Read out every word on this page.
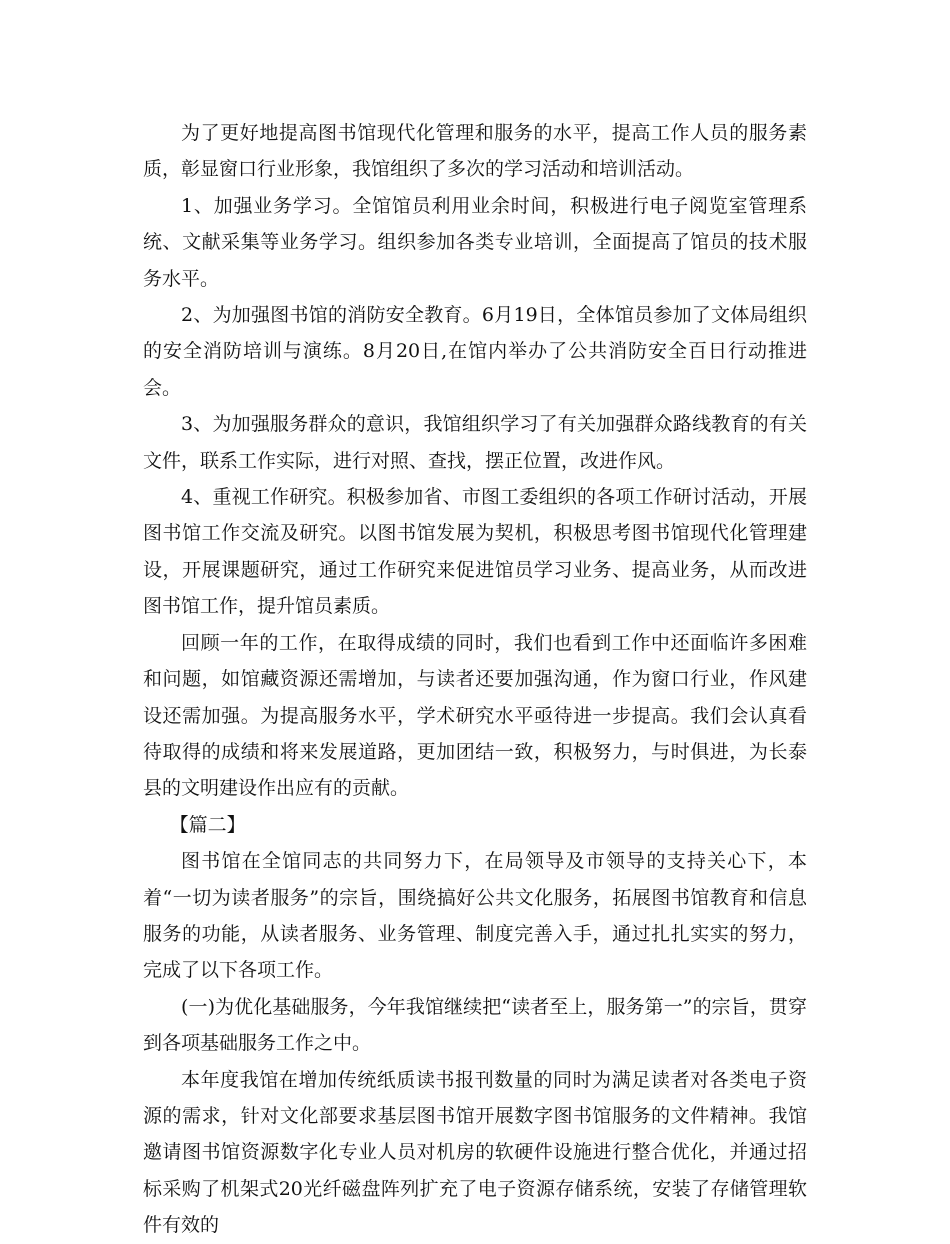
为了更好地提高图书馆现代化管理和服务的水平，提高工作人员的服务素质，彰显窗口行业形象，我馆组织了多次的学习活动和培训活动。

1、加强业务学习。全馆馆员利用业余时间，积极进行电子阅览室管理系统、文献采集等业务学习。组织参加各类专业培训，全面提高了馆员的技术服务水平。

2、为加强图书馆的消防安全教育。6月19日，全体馆员参加了文体局组织的安全消防培训与演练。8月20日,在馆内举办了公共消防安全百日行动推进会。

3、为加强服务群众的意识，我馆组织学习了有关加强群众路线教育的有关文件，联系工作实际，进行对照、查找，摆正位置，改进作风。

4、重视工作研究。积极参加省、市图工委组织的各项工作研讨活动，开展图书馆工作交流及研究。以图书馆发展为契机，积极思考图书馆现代化管理建设，开展课题研究，通过工作研究来促进馆员学习业务、提高业务，从而改进图书馆工作，提升馆员素质。

回顾一年的工作，在取得成绩的同时，我们也看到工作中还面临许多困难和问题，如馆藏资源还需增加，与读者还要加强沟通，作为窗口行业，作风建设还需加强。为提高服务水平，学术研究水平亟待进一步提高。我们会认真看待取得的成绩和将来发展道路，更加团结一致，积极努力，与时俱进，为长泰县的文明建设作出应有的贡献。

【篇二】

图书馆在全馆同志的共同努力下，在局领导及市领导的支持关心下，本着“一切为读者服务”的宗旨，围绕搞好公共文化服务，拓展图书馆教育和信息服务的功能，从读者服务、业务管理、制度完善入手，通过扎扎实实的努力，完成了以下各项工作。

(一)为优化基础服务，今年我馆继续把“读者至上，服务第一”的宗旨，贯穿到各项基础服务工作之中。

本年度我馆在增加传统纸质读书报刊数量的同时为满足读者对各类电子资源的需求，针对文化部要求基层图书馆开展数字图书馆服务的文件精神。我馆邀请图书馆资源数字化专业人员对机房的软硬件设施进行整合优化，并通过招标采购了机架式20光纤磁盘阵列扩充了电子资源存储系统，安装了存储管理软件有效的
